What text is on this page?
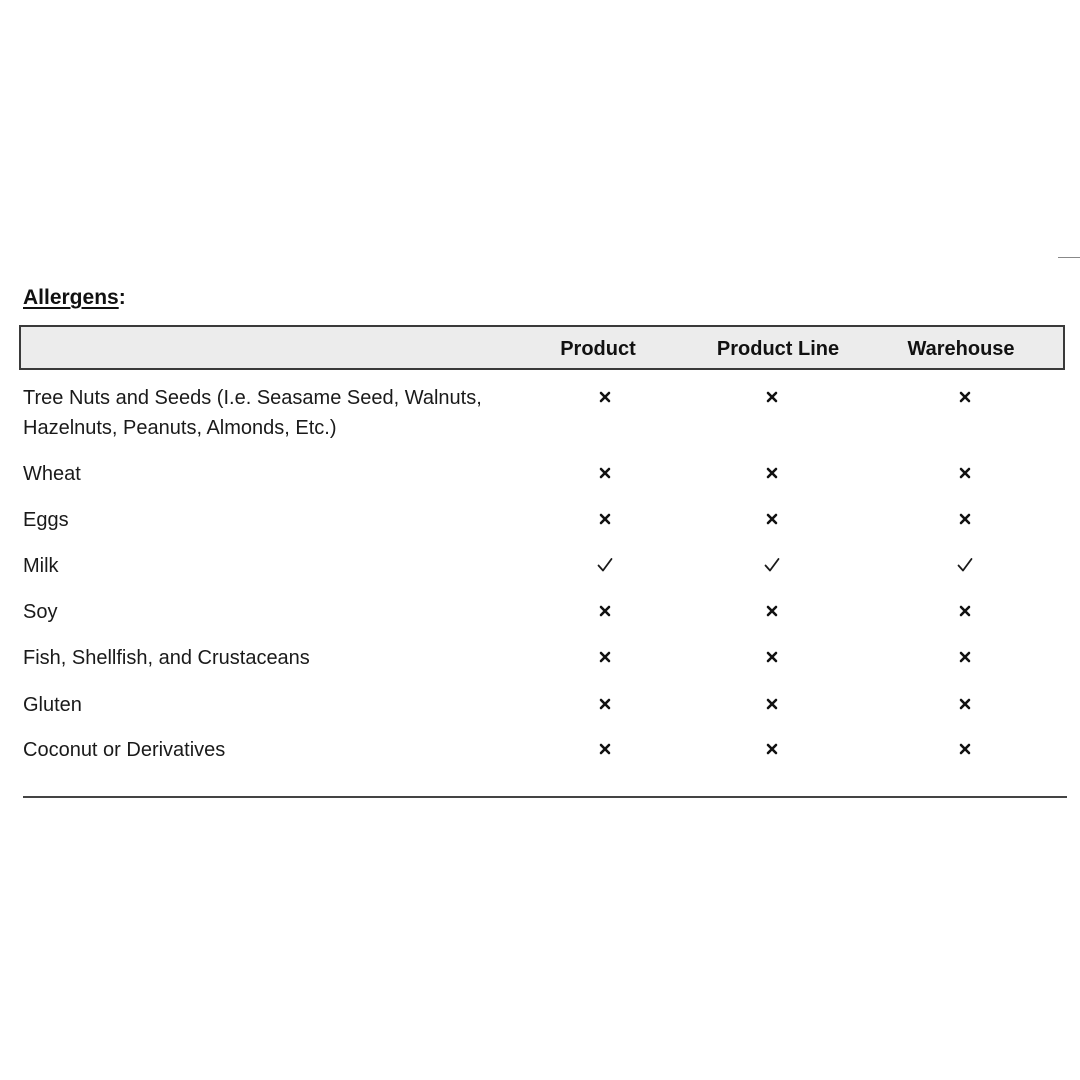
Allergens:
Product	Product Line	Warehouse
Tree Nuts and Seeds (I.e. Seasame Seed, Walnuts,
Hazelnuts, Peanuts, Almonds, Etc.)
Wheat
Eggs
Milk
Soy
Fish, Shellfish, and Crustaceans
Gluten
Coconut or Derivatives
